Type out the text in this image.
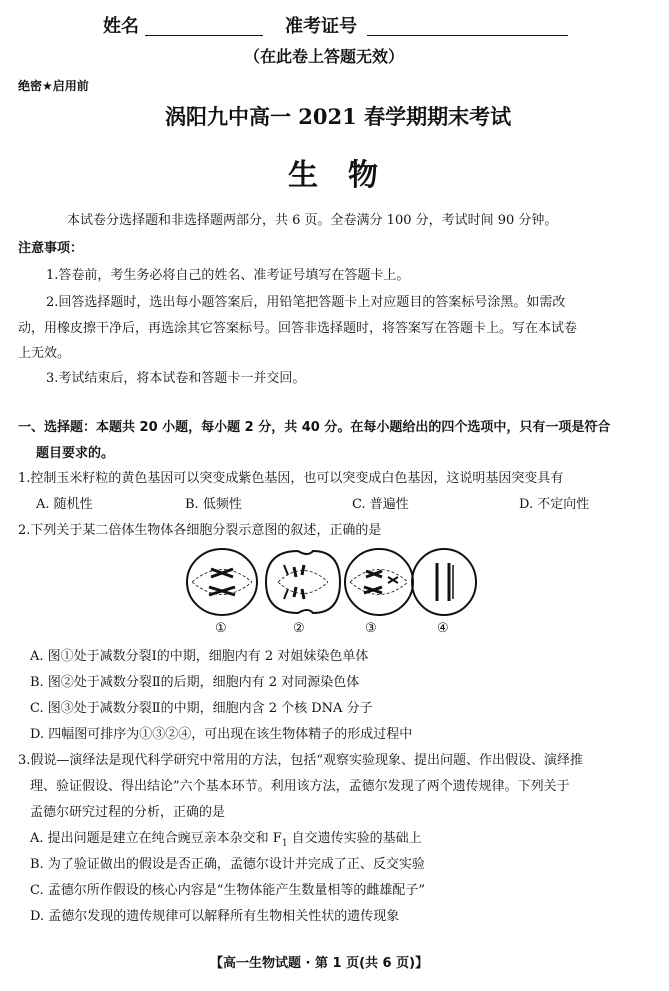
姓名	准考证号
（在此卷上答题无效）
绝密★启用前
涡阳九中高一 2021 春学期期末考试
生　物
本试卷分选择题和非选择题两部分，共 6 页。全卷满分 100 分，考试时间 90 分钟。
注意事项：
1.答卷前，考生务必将自己的姓名、准考证号填写在答题卡上。
2.回答选择题时，选出每小题答案后，用铅笔把答题卡上对应题目的答案标号涂黑。如需改
动，用橡皮擦干净后，再选涂其它答案标号。回答非选择题时，将答案写在答题卡上。写在本试卷
上无效。
3.考试结束后，将本试卷和答题卡一并交回。
一、选择题：本题共 20 小题，每小题 2 分，共 40 分。在每小题给出的四个选项中，只有一项是符合
题目要求的。
1.控制玉米籽粒的黄色基因可以突变成紫色基因，也可以突变成白色基因，这说明基因突变具有
A. 随机性	B. 低频性	C. 普遍性	D. 不定向性
2.下列关于某二倍体生物体各细胞分裂示意图的叙述，正确的是
①	②	③	④
A. 图①处于减数分裂Ⅰ的中期，细胞内有 2 对姐妹染色单体
B. 图②处于减数分裂Ⅱ的后期，细胞内有 2 对同源染色体
C. 图③处于减数分裂Ⅱ的中期，细胞内含 2 个核 DNA 分子
D. 四幅图可排序为①③②④，可出现在该生物体精子的形成过程中
3.假说—演绎法是现代科学研究中常用的方法，包括“观察实验现象、提出问题、作出假设、演绎推
理、验证假设、得出结论”六个基本环节。利用该方法，孟德尔发现了两个遗传规律。下列关于
孟德尔研究过程的分析，正确的是
A. 提出问题是建立在纯合豌豆亲本杂交和 $F_1$ 自交遗传实验的基础上
B. 为了验证做出的假设是否正确，孟德尔设计并完成了正、反交实验
C. 孟德尔所作假设的核心内容是“生物体能产生数量相等的雌雄配子”
D. 孟德尔发现的遗传规律可以解释所有生物相关性状的遗传现象
【高一生物试题 · 第 1 页(共 6 页)】
